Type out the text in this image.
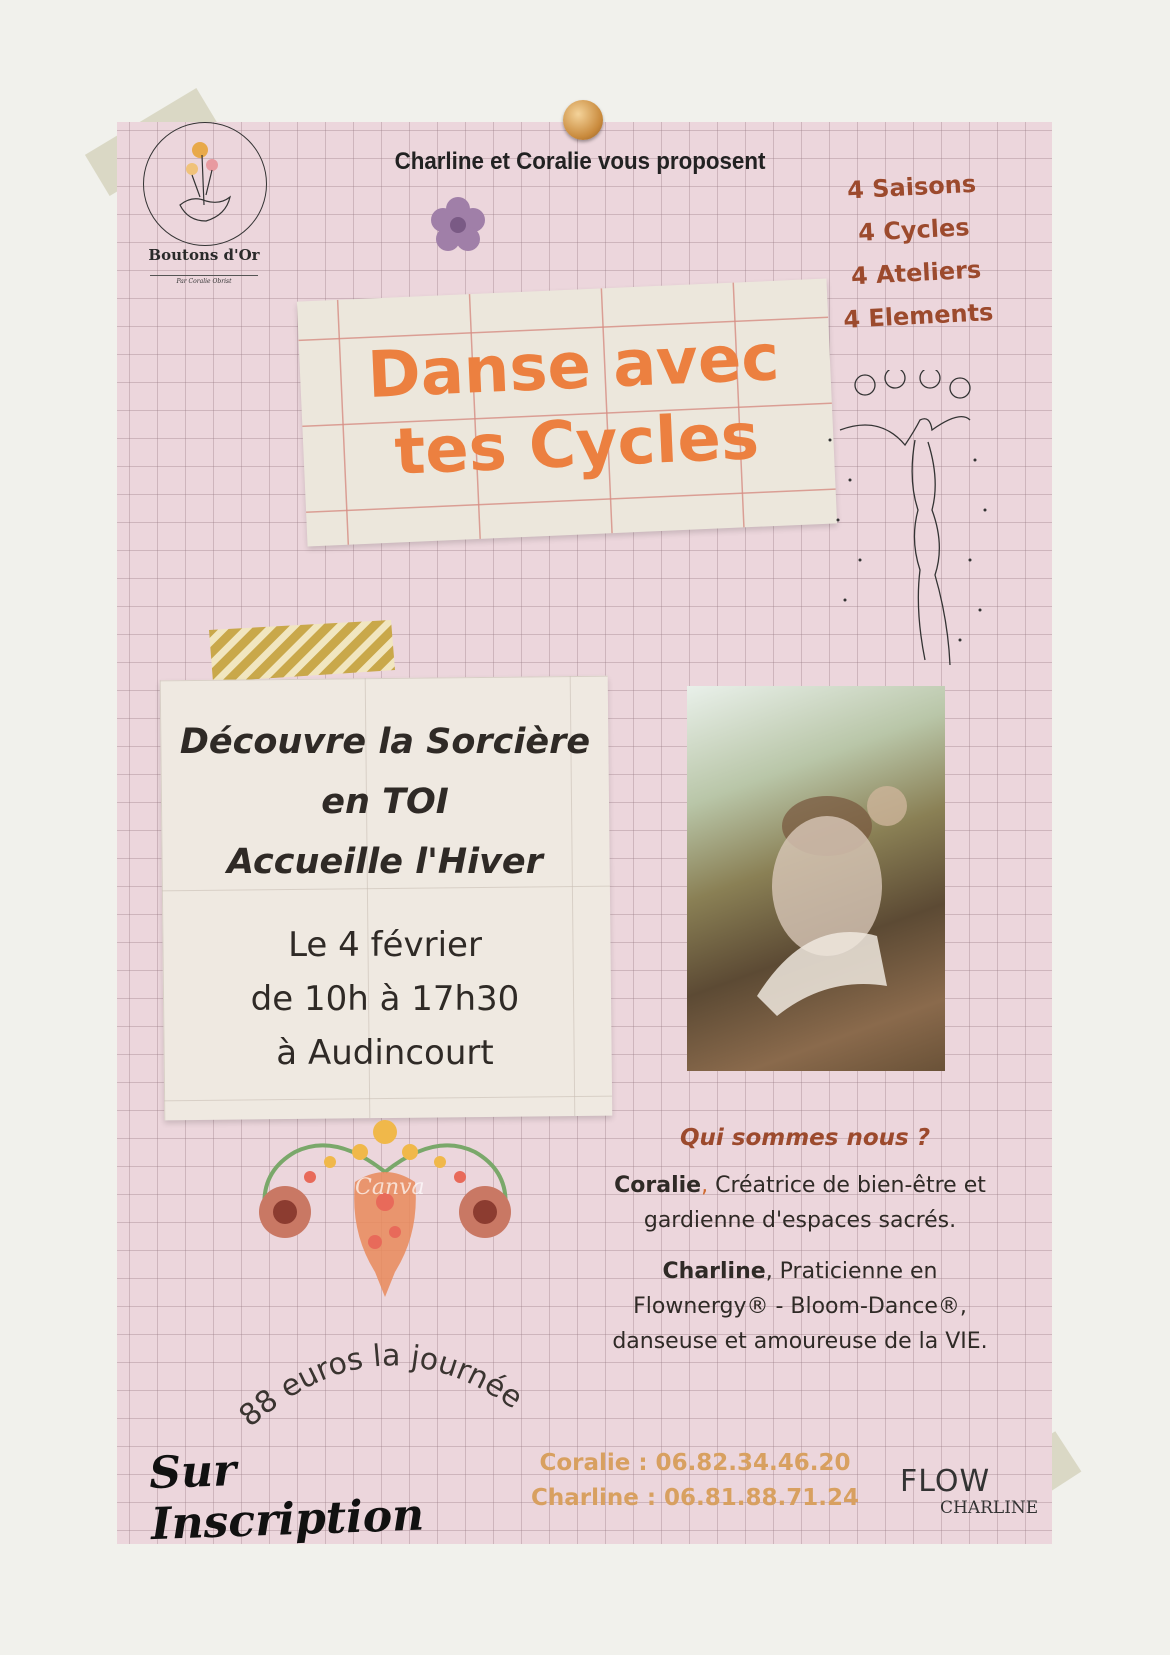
Boutons d'Or
Par Coralie Obrist
Charline et Coralie vous proposent
4 Saisons
4 Cycles
4 Ateliers
4 Elements
Danse avec
tes Cycles
Découvre la Sorcière
en TOI
Accueille l'Hiver
Le 4 février
de 10h à 17h30
à Audincourt
Canva
Qui sommes nous ?
Coralie, Créatrice de bien-être et
gardienne d'espaces sacrés.
Charline, Praticienne en
Flownergy® - Bloom-Dance®,
danseuse et amoureuse de la VIE.
88 euros la journée
Sur Inscription
Coralie : 06.82.34.46.20
Charline : 06.81.88.71.24	FLOW
CHARLINE
